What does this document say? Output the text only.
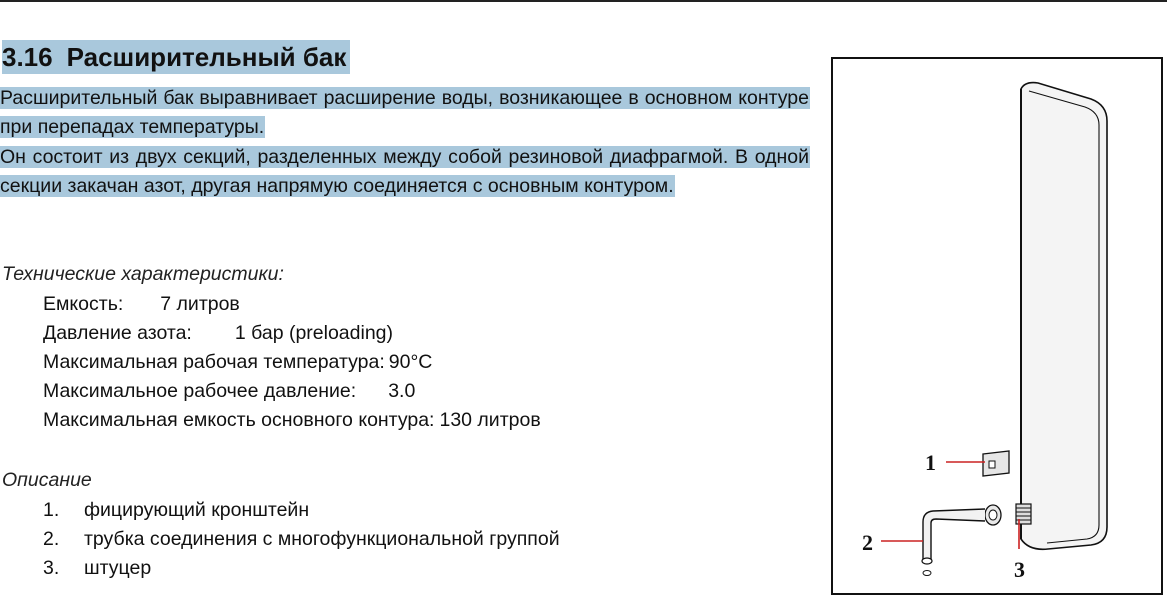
3.16 Расширительный бак

Расширительный бак выравнивает расширение воды, возникающее в основном контуре при перепадах температуры.

Он состоит из двух секций, разделенных между собой резиновой диафрагмой. В одной секции закачан азот, другая напрямую соединяется с основным контуром.

Технические характеристики:
Емкость: 7 литров
Давление азота: 1 бар (preloading)
Максимальная рабочая температура: 90°C
Максимальное рабочее давление: 3.0
Максимальная емкость основного контура: 130 литров
Описание
1. фицирующий кронштейн
2. трубка соединения с многофункциональной группой
3. штуцер
1
2
3
